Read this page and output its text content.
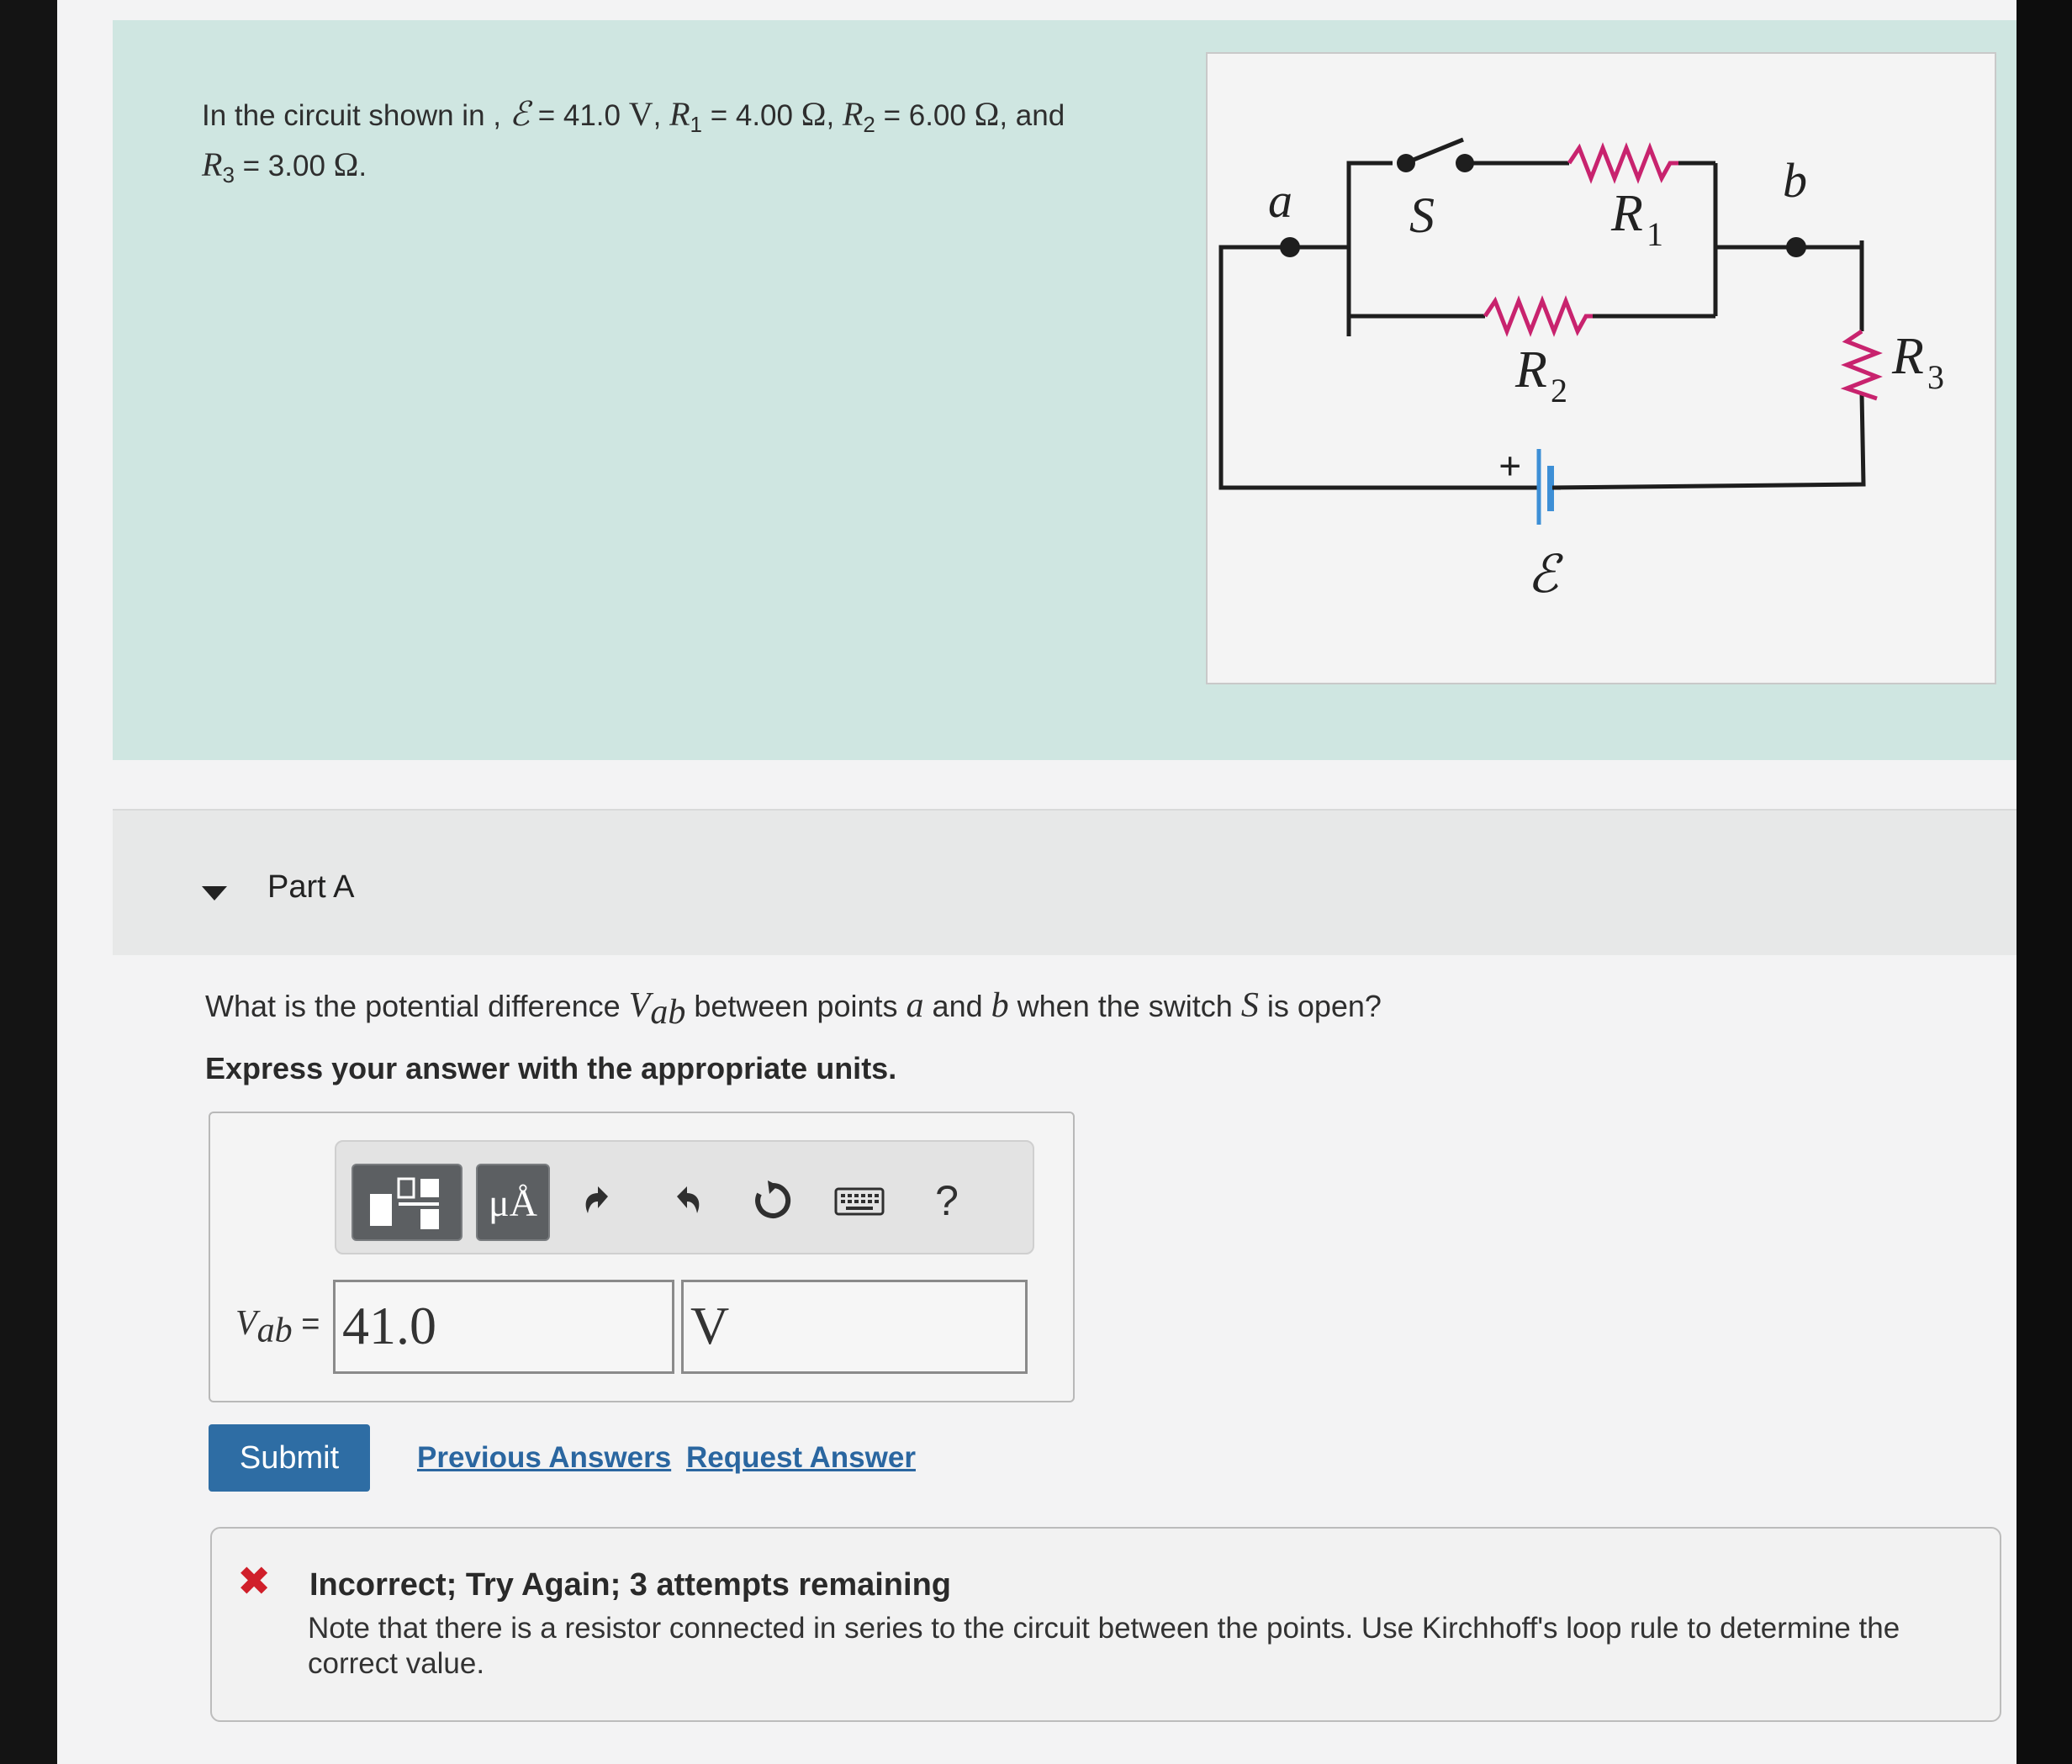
In the circuit shown in , ℰ = 41.0 V, $R_1 = 4.00$ Ω, $R_2 = 6.00$ Ω, and
$R_3 = 3.00$ Ω.
a	b
S	R 1
R 2
R 3
+
ℰ
Part A
What is the potential difference $V_{ab}$ between points a and b when the switch S is open?
Express your answer with the appropriate units.
μÅ	?
$V_{ab} = 41.0$	V
Submit	Previous Answers Request Answer
✖ Incorrect; Try Again; 3 attempts remaining
Note that there is a resistor connected in series to the circuit between the points. Use Kirchhoff's loop rule to determine the correct value.
